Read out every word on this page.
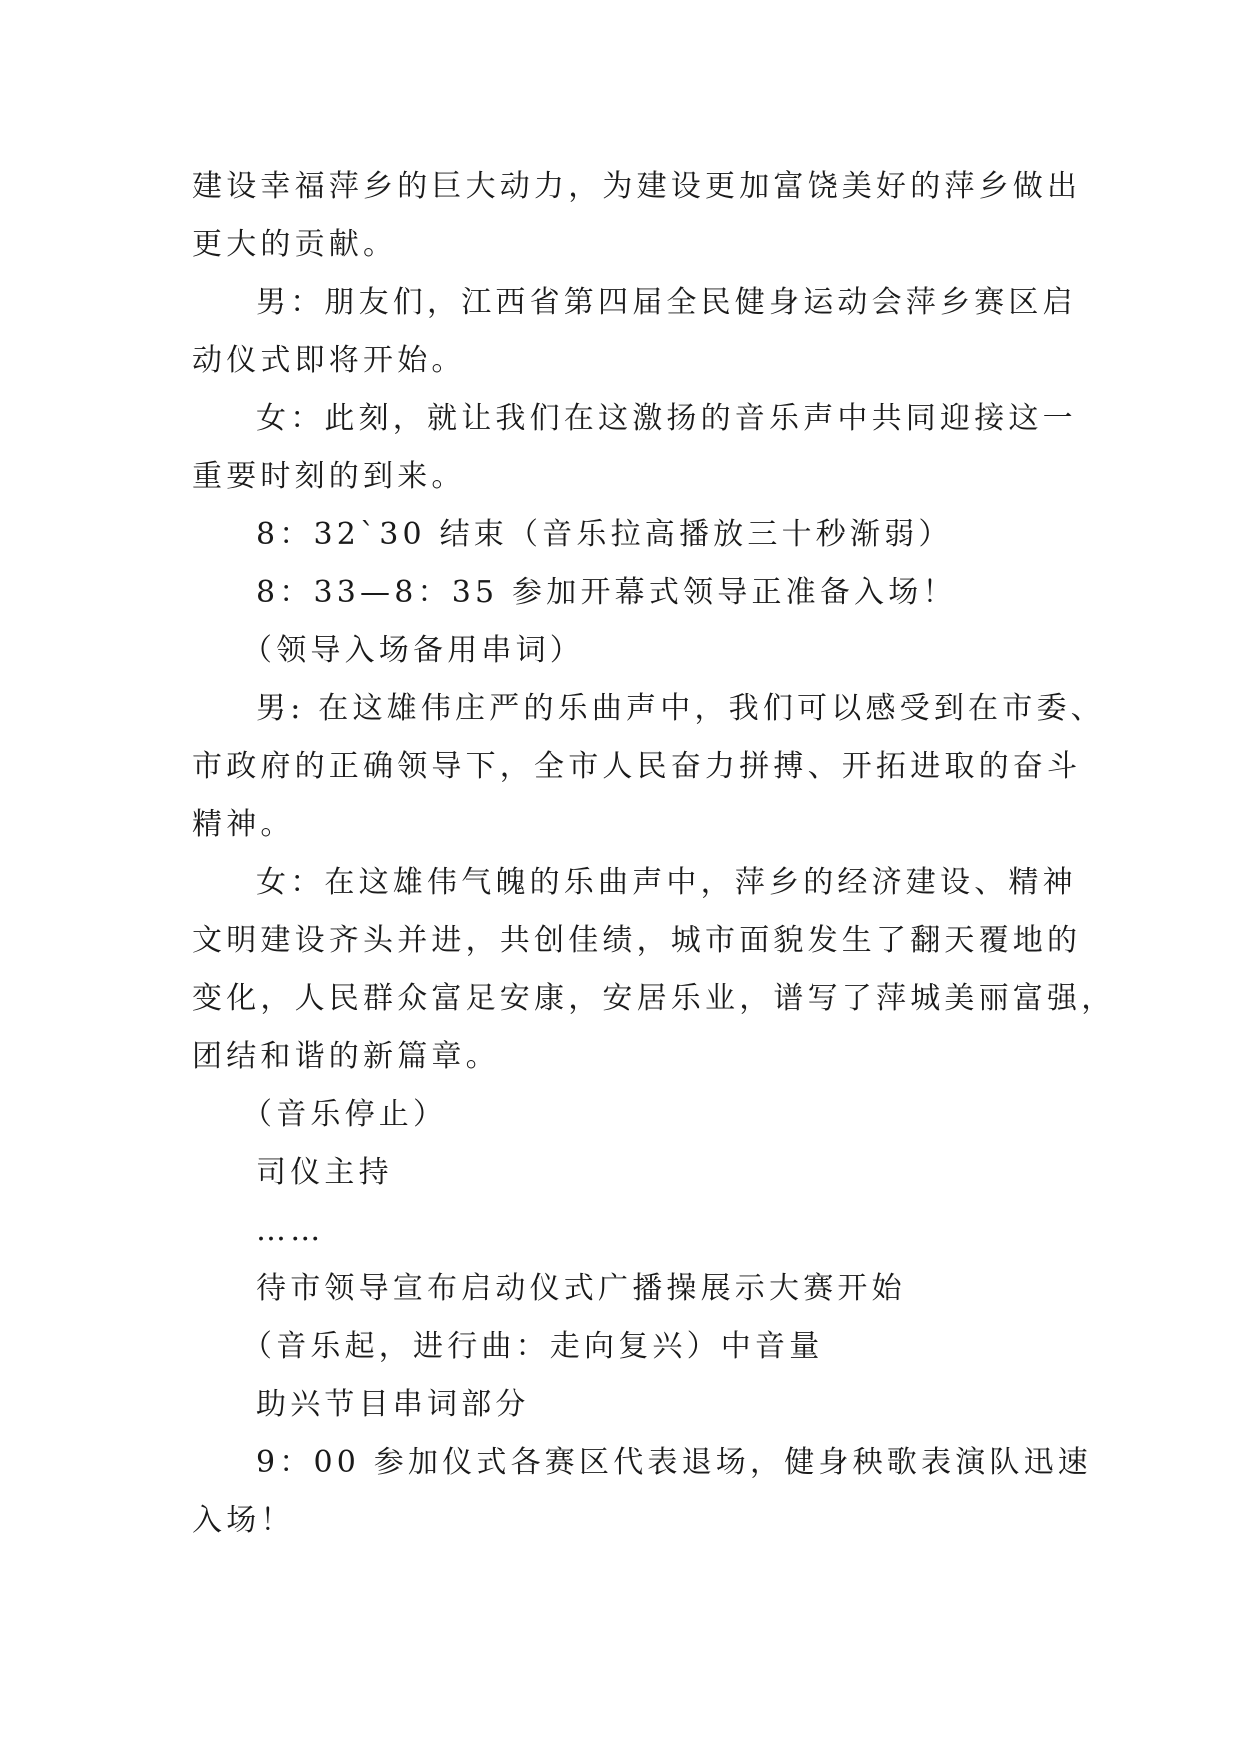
建设幸福萍乡的巨大动力，为建设更加富饶美好的萍乡做出
更大的贡献。

男：朋友们，江西省第四届全民健身运动会萍乡赛区启
动仪式即将开始。

女：此刻，就让我们在这激扬的音乐声中共同迎接这一
重要时刻的到来。

8：32`30 结束（音乐拉高播放三十秒渐弱）

8：33—8：35 参加开幕式领导正准备入场！

（领导入场备用串词）

男: 在这雄伟庄严的乐曲声中，我们可以感受到在市委、
市政府的正确领导下，全市人民奋力拼搏、开拓进取的奋斗
精神。

女：在这雄伟气魄的乐曲声中，萍乡的经济建设、精神
文明建设齐头并进，共创佳绩，城市面貌发生了翻天覆地的
变化，人民群众富足安康，安居乐业，谱写了萍城美丽富强，
团结和谐的新篇章。

（音乐停止）

司仪主持

……

待市领导宣布启动仪式广播操展示大赛开始

（音乐起，进行曲：走向复兴）中音量

助兴节目串词部分

9：00 参加仪式各赛区代表退场，健身秧歌表演队迅速
入场！
